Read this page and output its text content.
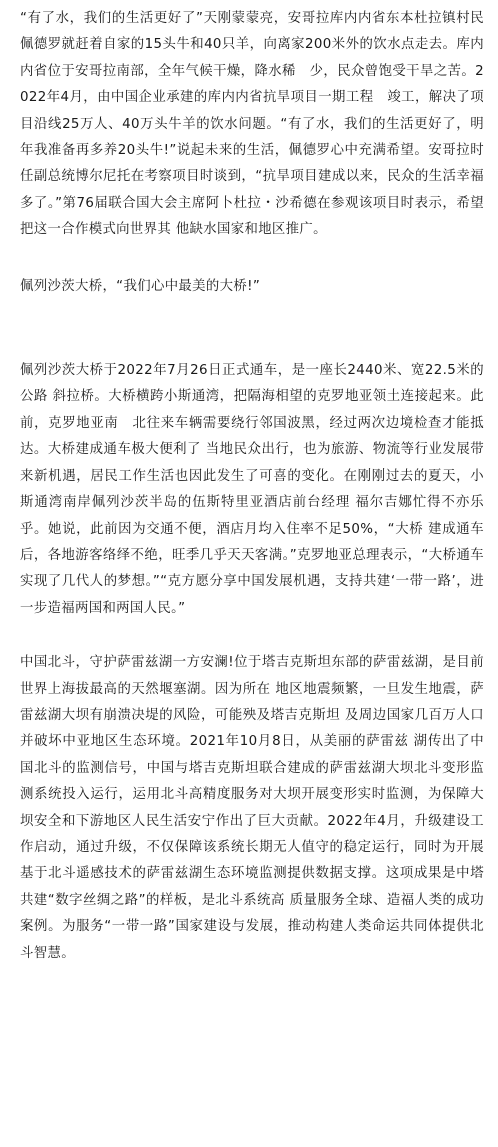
“有了水，我们的生活更好了”天刚蒙蒙亮，安哥拉库内内省东本杜拉镇村民佩德罗就赶着自家的15头牛和40只羊，向离家200米外的饮水点走去。库内内省位于安哥拉南部，全年气候干燥，降水稀　少，民众曾饱受干旱之苦。2022年4月，由中国企业承建的库内内省抗旱项目一期工程　竣工，解决了项目沿线25万人、40万头牛羊的饮水问题。“有了水，我们的生活更好了，明年我准备再多养20头牛!”说起未来的生活，佩德罗心中充满希望。安哥拉时任副总统博尔尼托在考察项目时谈到，“抗旱项目建成以来，民众的生活幸福多了。”第76届联合国大会主席阿卜杜拉・沙希德在参观该项目时表示，希望把这一合作模式向世界其 他缺水国家和地区推广。

佩列沙茨大桥，“我们心中最美的大桥!”

佩列沙茨大桥于2022年7月26日正式通车，是一座长2440米、宽22.5米的公路 斜拉桥。大桥横跨小斯通湾，把隔海相望的克罗地亚领土连接起来。此前，克罗地亚南　北往来车辆需要绕行邻国波黑，经过两次边境检查才能抵达。大桥建成通车极大便利了 当地民众出行，也为旅游、物流等行业发展带来新机遇，居民工作生活也因此发生了可喜的变化。在刚刚过去的夏天，小斯通湾南岸佩列沙茨半岛的伍斯特里亚酒店前台经理 福尔吉娜忙得不亦乐乎。她说，此前因为交通不便，酒店月均入住率不足50%，“大桥 建成通车后，各地游客络绎不绝，旺季几乎天天客满。”克罗地亚总理表示，“大桥通车 实现了几代人的梦想。”“克方愿分享中国发展机遇，支持共建‘一带一路’，进一步造福两国和两国人民。”

中国北斗，守护萨雷兹湖一方安澜!位于塔吉克斯坦东部的萨雷兹湖，是目前世界上海拔最高的天然堰塞湖。因为所在 地区地震频繁，一旦发生地震，萨雷兹湖大坝有崩溃决堤的风险，可能殃及塔吉克斯坦 及周边国家几百万人口并破坏中亚地区生态环境。2021年10月8日，从美丽的萨雷兹 湖传出了中国北斗的监测信号，中国与塔吉克斯坦联合建成的萨雷兹湖大坝北斗变形监 测系统投入运行，运用北斗高精度服务对大坝开展变形实时监测，为保障大坝安全和下游地区人民生活安宁作出了巨大贡献。2022年4月，升级建设工作启动，通过升级，不仅保障该系统长期无人值守的稳定运行，同时为开展基于北斗遥感技术的萨雷兹湖生态环境监测提供数据支撑。这项成果是中塔共建“数字丝绸之路”的样板，是北斗系统高 质量服务全球、造福人类的成功案例。为服务“一带一路”国家建设与发展，推动构建人类命运共同体提供北斗智慧。
